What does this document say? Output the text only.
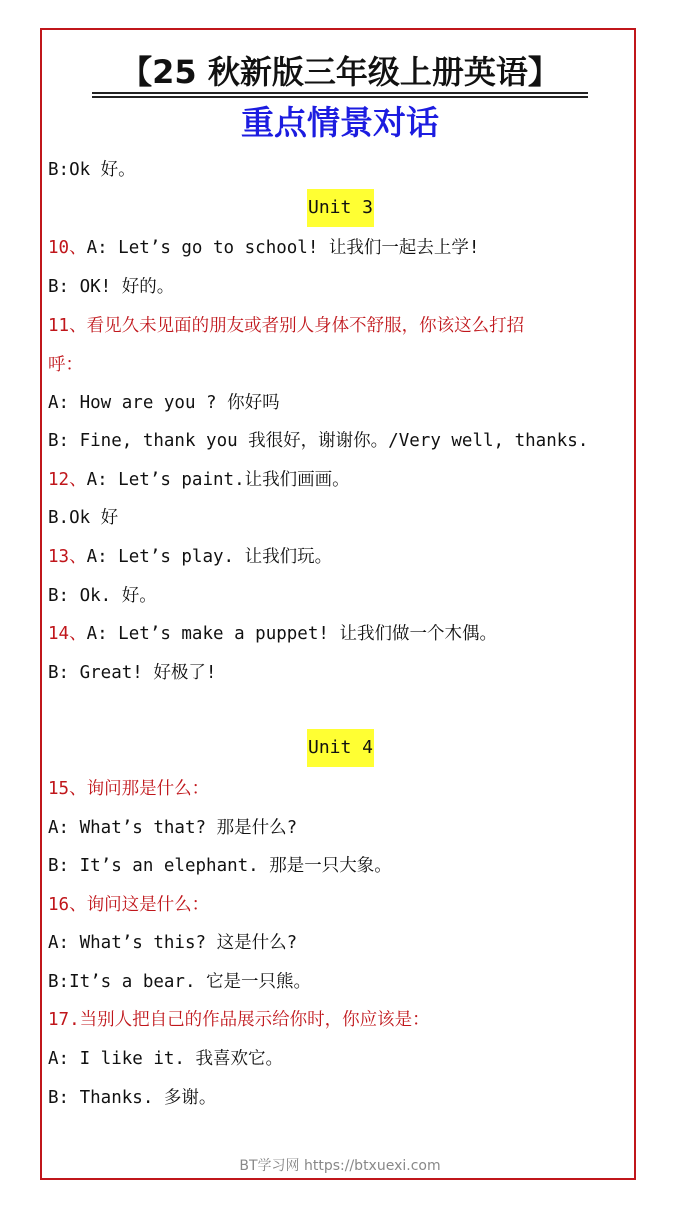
【25 秋新版三年级上册英语】
重点情景对话
B:Ok 好。
Unit 3
10、A: Let’s go to school! 让我们一起去上学!
B: OK! 好的。
11、看见久未见面的朋友或者别人身体不舒服，你该这么打招
呼：
A: How are you ? 你好吗
B: Fine, thank you 我很好，谢谢你。/Very well, thanks.
12、A: Let’s paint.让我们画画。
B.Ok 好
13、A: Let’s play. 让我们玩。
B: Ok. 好。
14、A: Let’s make a puppet! 让我们做一个木偶。
B: Great! 好极了!
Unit 4
15、询问那是什么：
A: What’s that? 那是什么?
B: It’s an elephant. 那是一只大象。
16、询问这是什么：
A: What’s this? 这是什么?
B:It’s a bear. 它是一只熊。
17.当别人把自己的作品展示给你时，你应该是：
A: I like it. 我喜欢它。
B: Thanks. 多谢。
BT学习网 https://btxuexi.com
